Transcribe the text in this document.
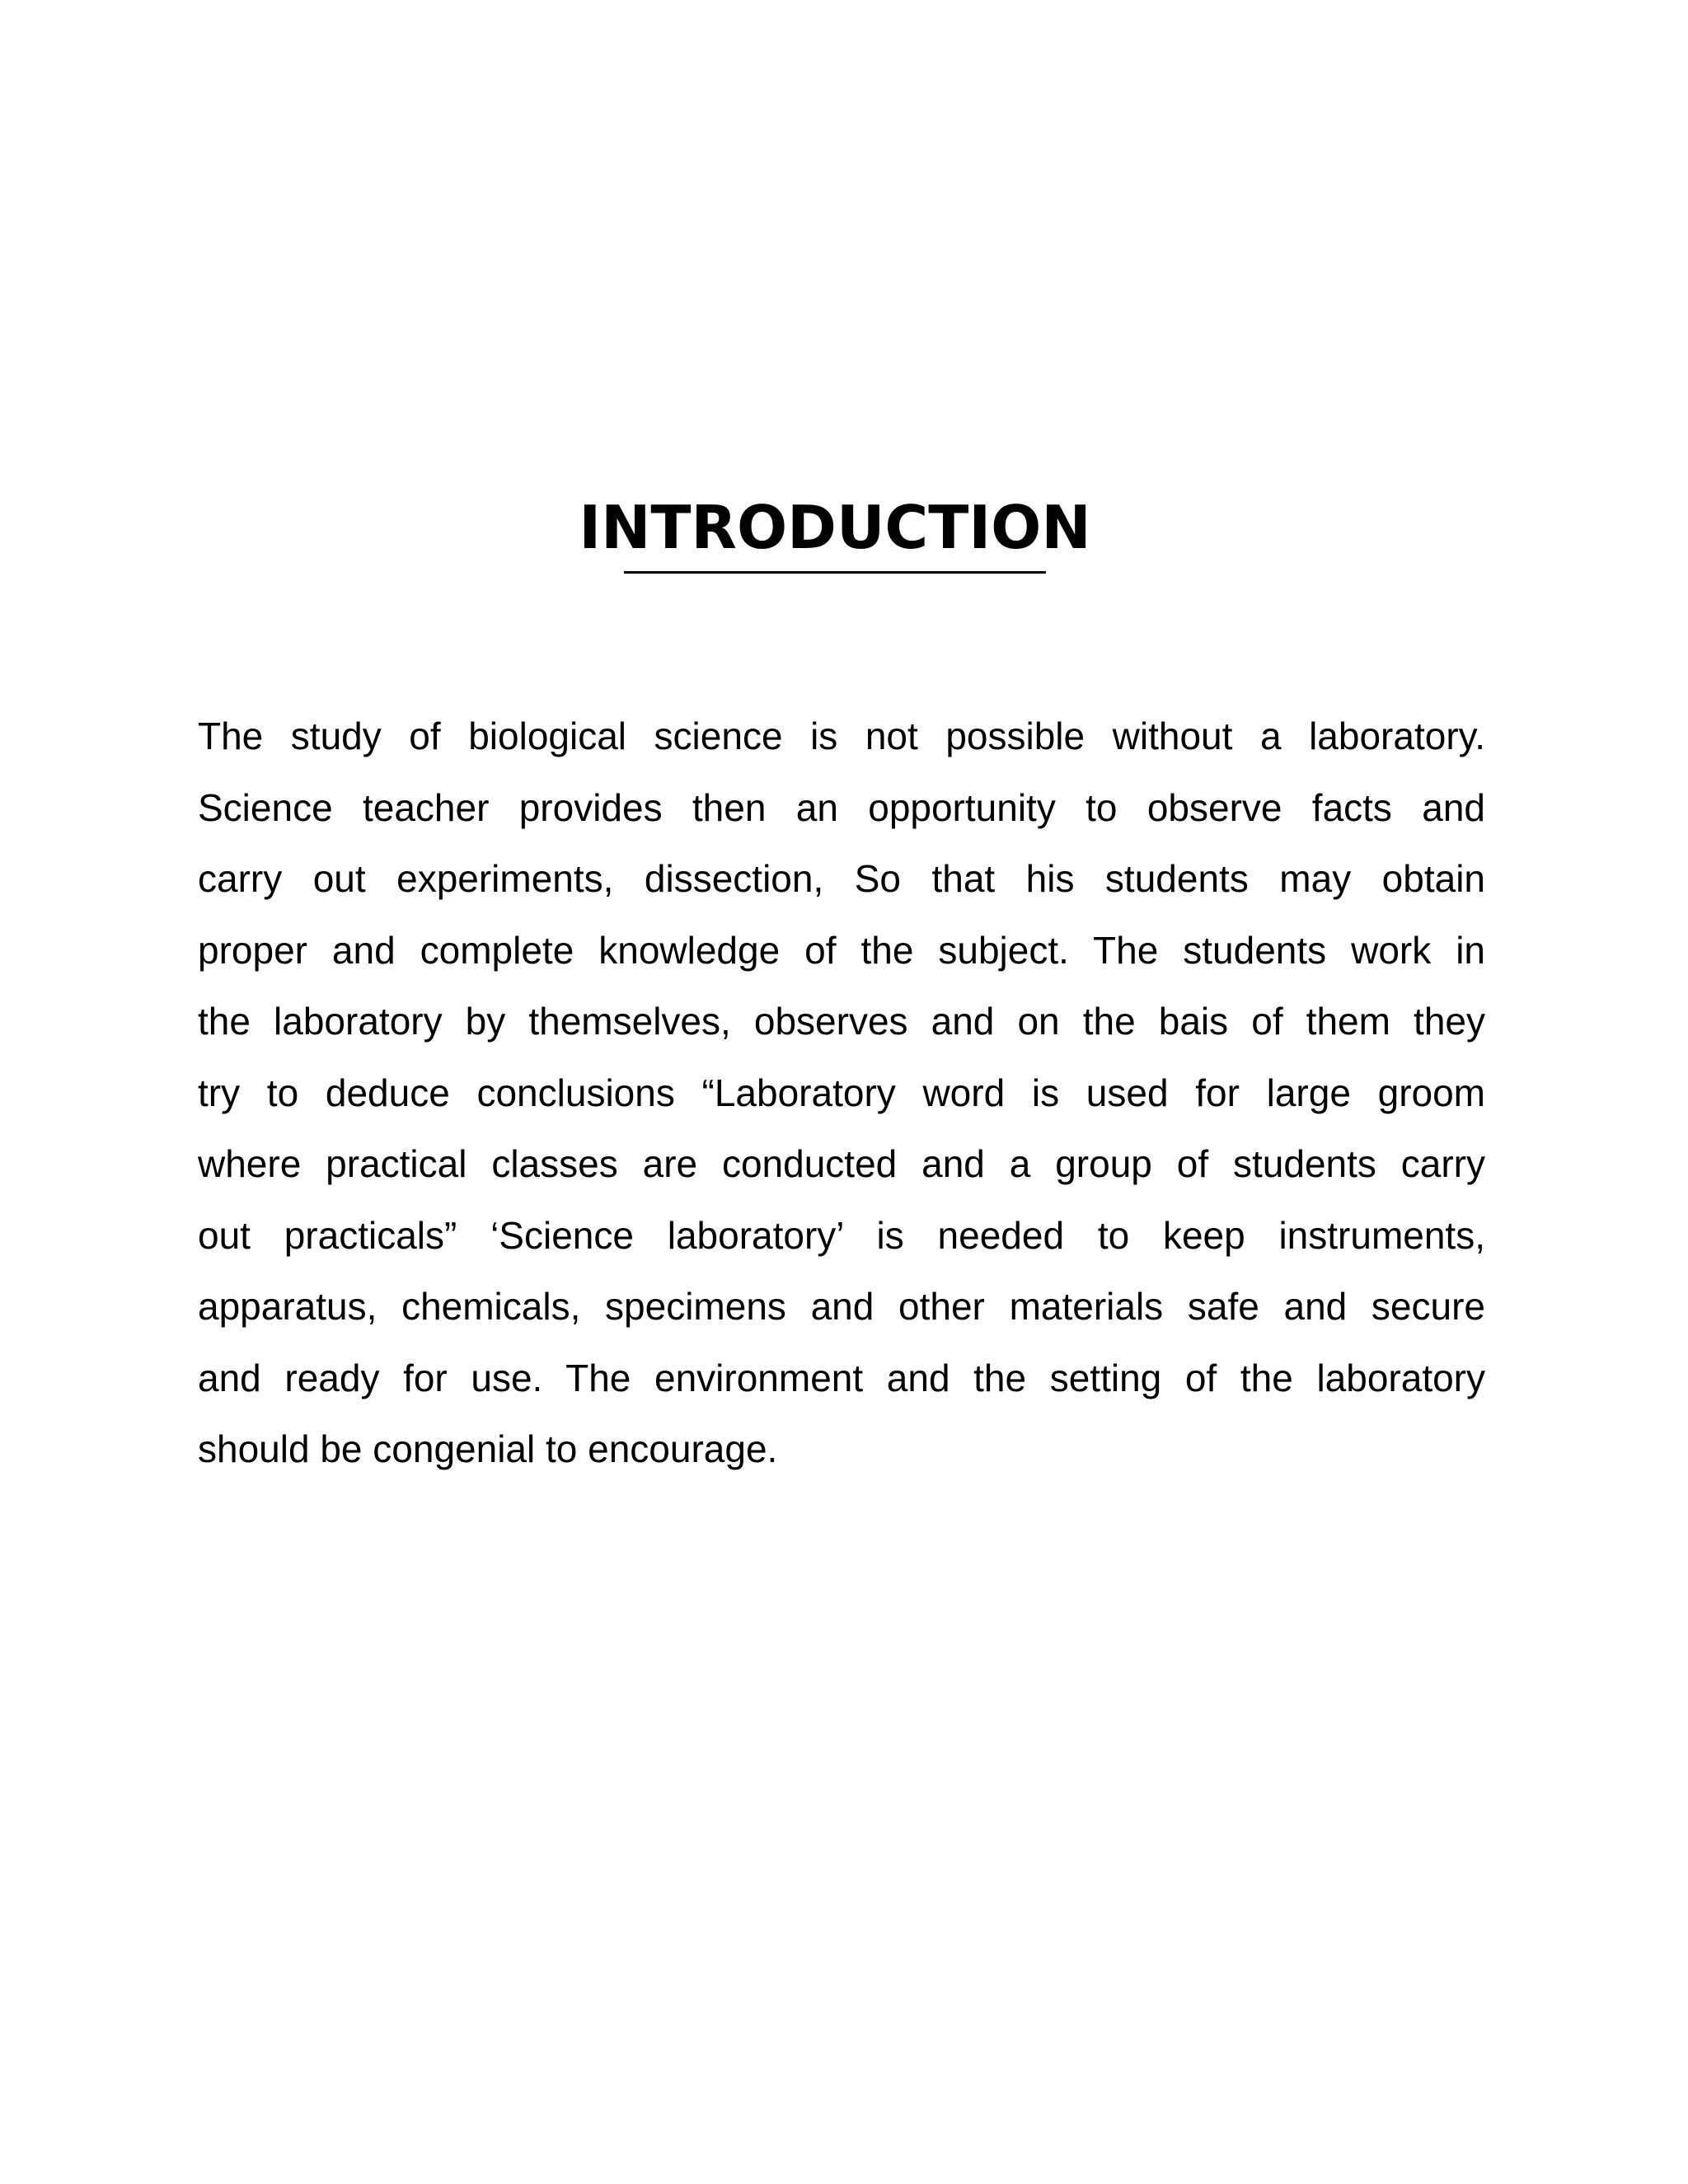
INTRODUCTION
The study of biological science is not possible without a laboratory.
Science teacher provides then an opportunity to observe facts and
carry out experiments, dissection, So that his students may obtain
proper and complete knowledge of the subject. The students work in
the laboratory by themselves, observes and on the bais of them they
try to deduce conclusions “Laboratory word is used for large groom
where practical classes are conducted and a group of students carry
out practicals” ‘Science laboratory’ is needed to keep instruments,
apparatus, chemicals, specimens and other materials safe and secure
and ready for use. The environment and the setting of the laboratory
should be congenial to encourage.
